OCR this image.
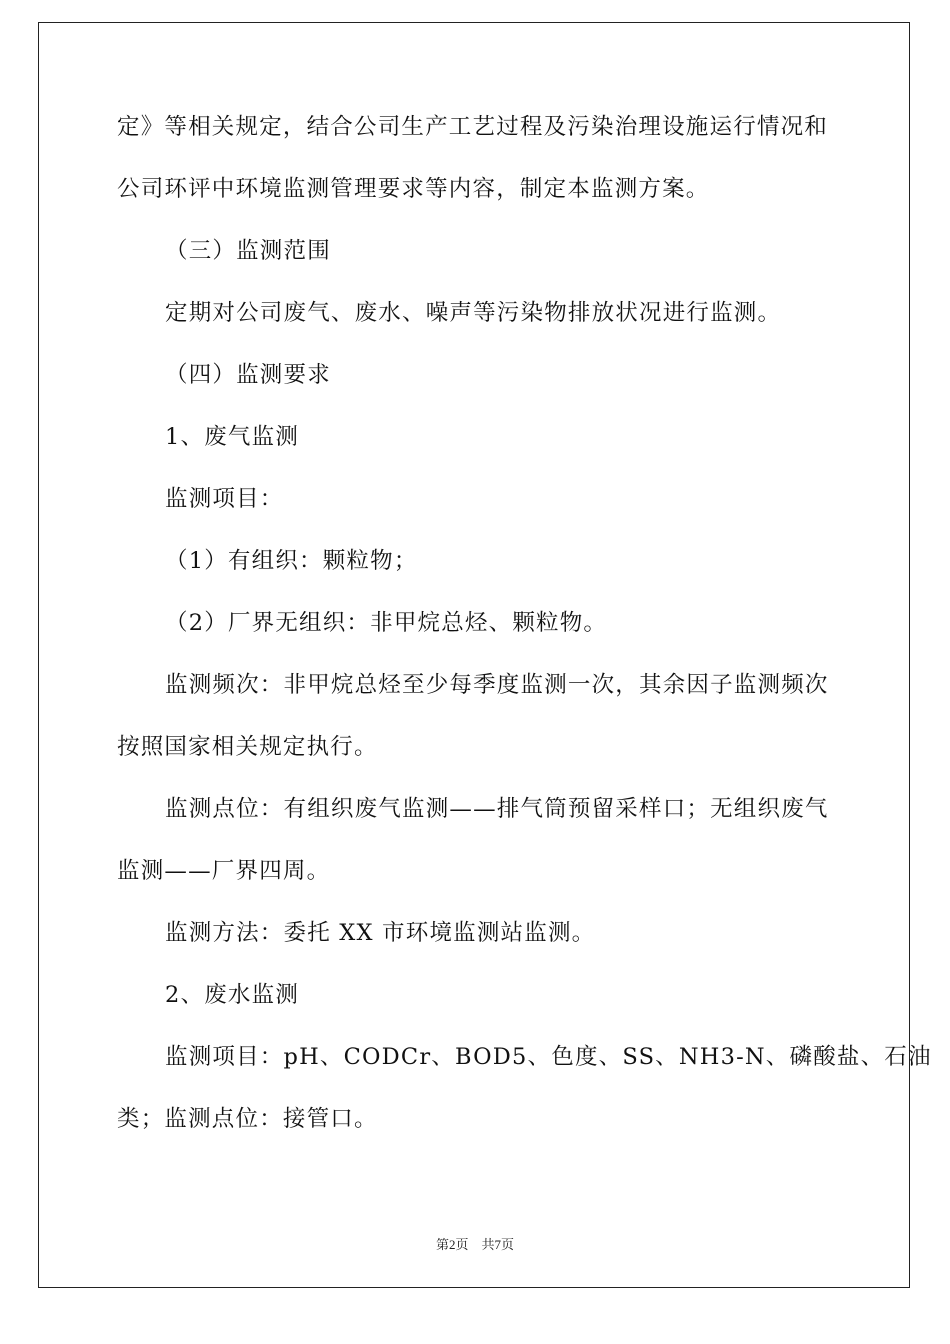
定》等相关规定，结合公司生产工艺过程及污染治理设施运行情况和
公司环评中环境监测管理要求等内容，制定本监测方案。
（三）监测范围
定期对公司废气、废水、噪声等污染物排放状况进行监测。
（四）监测要求
1、废气监测
监测项目：
（1）有组织：颗粒物；
（2）厂界无组织：非甲烷总烃、颗粒物。
监测频次：非甲烷总烃至少每季度监测一次，其余因子监测频次
按照国家相关规定执行。
监测点位：有组织废气监测——排气筒预留采样口；无组织废气
监测——厂界四周。
监测方法：委托 XX 市环境监测站监测。
2、废水监测
监测项目：pH、CODCr、BOD5、色度、SS、NH3-N、磷酸盐、石油
类；监测点位：接管口。
第2页　共7页
